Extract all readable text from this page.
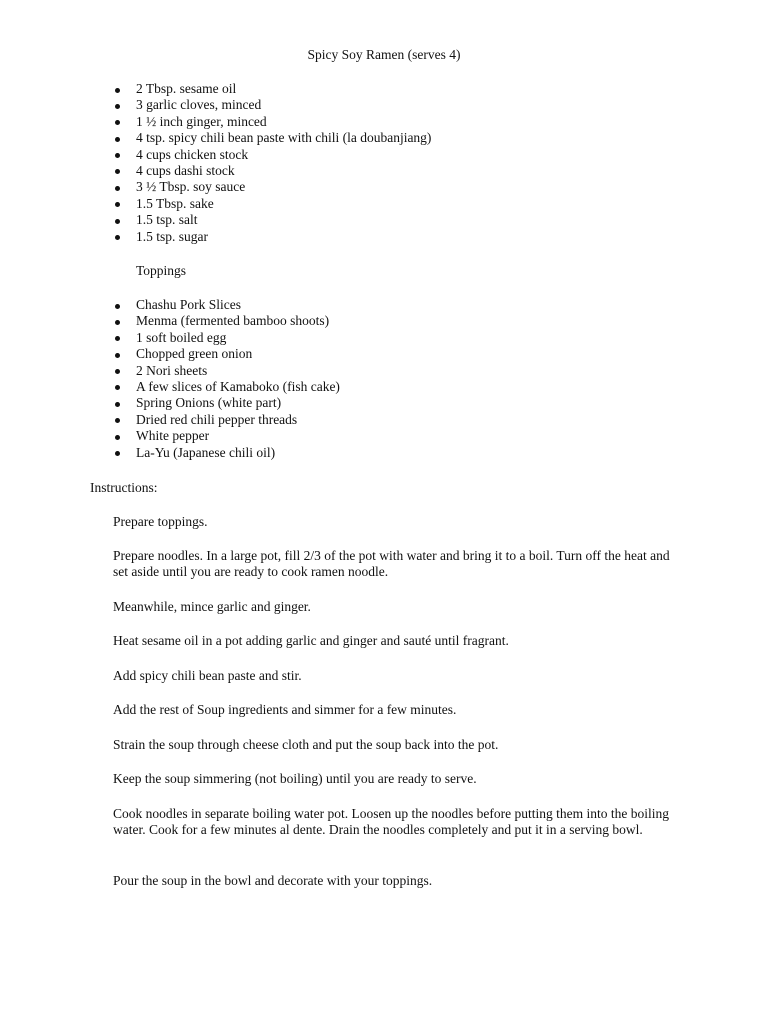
Spicy Soy Ramen (serves 4)
2 Tbsp. sesame oil
3 garlic cloves, minced
1 ½ inch ginger, minced
4 tsp. spicy chili bean paste with chili (la doubanjiang)
4 cups chicken stock
4 cups dashi stock
3 ½ Tbsp. soy sauce
1.5 Tbsp. sake
1.5 tsp. salt
1.5 tsp. sugar
Toppings
Chashu Pork Slices
Menma (fermented bamboo shoots)
1 soft boiled egg
Chopped green onion
2 Nori sheets
A few slices of Kamaboko (fish cake)
Spring Onions (white part)
Dried red chili pepper threads
White pepper
La-Yu (Japanese chili oil)
Instructions:

Prepare toppings.

Prepare noodles. In a large pot, fill 2/3 of the pot with water and bring it to a boil. Turn off the heat and set aside until you are ready to cook ramen noodle.

Meanwhile, mince garlic and ginger.

Heat sesame oil in a pot adding garlic and ginger and sauté until fragrant.

Add spicy chili bean paste and stir.

Add the rest of Soup ingredients and simmer for a few minutes.

Strain the soup through cheese cloth and put the soup back into the pot.

Keep the soup simmering (not boiling) until you are ready to serve.

Cook noodles in separate boiling water pot. Loosen up the noodles before putting them into the boiling water. Cook for a few minutes al dente. Drain the noodles completely and put it in a serving bowl.

Pour the soup in the bowl and decorate with your toppings.
